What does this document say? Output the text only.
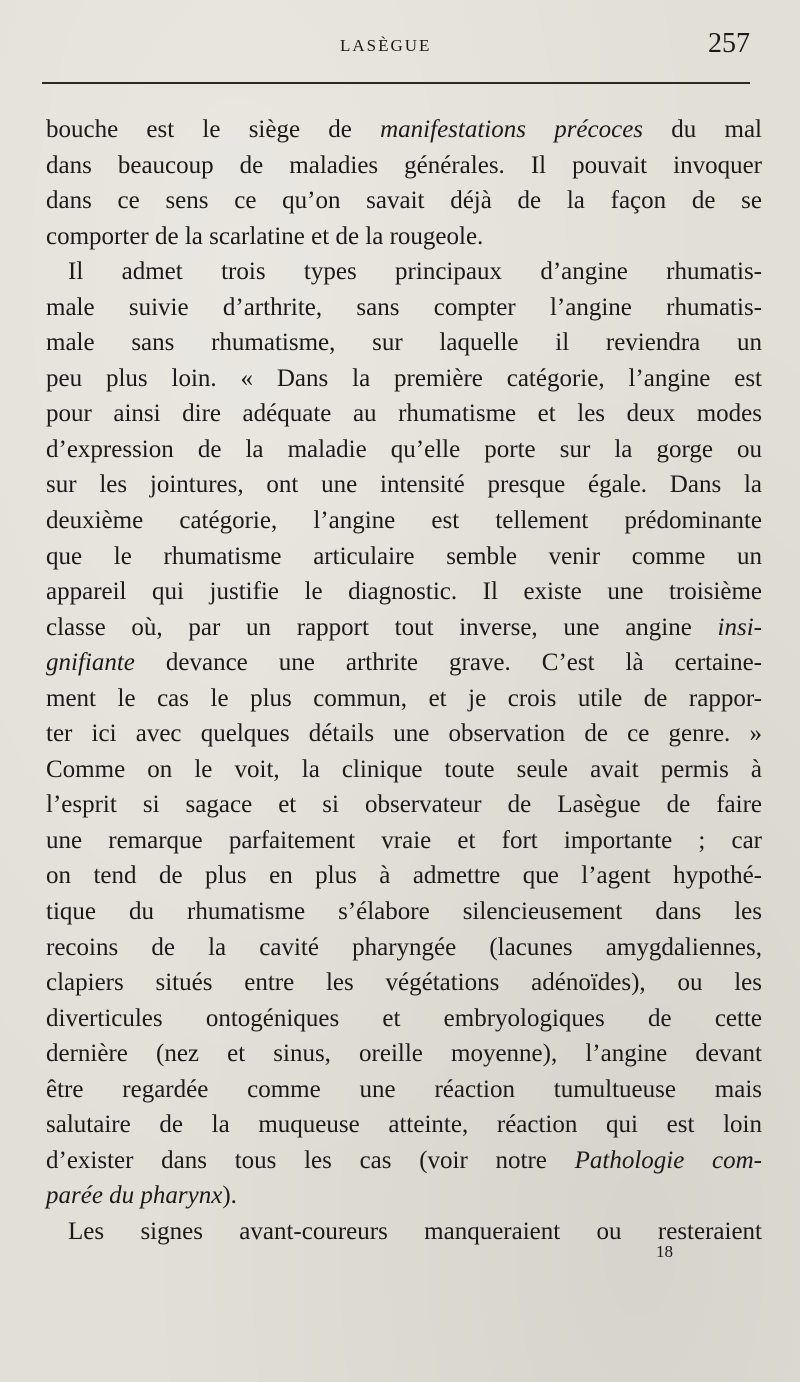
LASÈGUE	257
bouche est le siège de manifestations précoces du mal
dans beaucoup de maladies générales. Il pouvait invoquer
dans ce sens ce qu’on savait déjà de la façon de se
comporter de la scarlatine et de la rougeole.
Il admet trois types principaux d’angine rhumatis-
male suivie d’arthrite, sans compter l’angine rhumatis-
male sans rhumatisme, sur laquelle il reviendra un
peu plus loin. « Dans la première catégorie, l’angine est
pour ainsi dire adéquate au rhumatisme et les deux modes
d’expression de la maladie qu’elle porte sur la gorge ou
sur les jointures, ont une intensité presque égale. Dans la
deuxième catégorie, l’angine est tellement prédominante
que le rhumatisme articulaire semble venir comme un
appareil qui justifie le diagnostic. Il existe une troisième
classe où, par un rapport tout inverse, une angine insi-
gnifiante devance une arthrite grave. C’est là certaine-
ment le cas le plus commun, et je crois utile de rappor-
ter ici avec quelques détails une observation de ce genre. »
Comme on le voit, la clinique toute seule avait permis à
l’esprit si sagace et si observateur de Lasègue de faire
une remarque parfaitement vraie et fort importante ; car
on tend de plus en plus à admettre que l’agent hypothé-
tique du rhumatisme s’élabore silencieusement dans les
recoins de la cavité pharyngée (lacunes amygdaliennes,
clapiers situés entre les végétations adénoïdes), ou les
diverticules ontogéniques et embryologiques de cette
dernière (nez et sinus, oreille moyenne), l’angine devant
être regardée comme une réaction tumultueuse mais
salutaire de la muqueuse atteinte, réaction qui est loin
d’exister dans tous les cas (voir notre Pathologie com-
parée du pharynx).
Les signes avant-coureurs manqueraient ou resteraient
18
